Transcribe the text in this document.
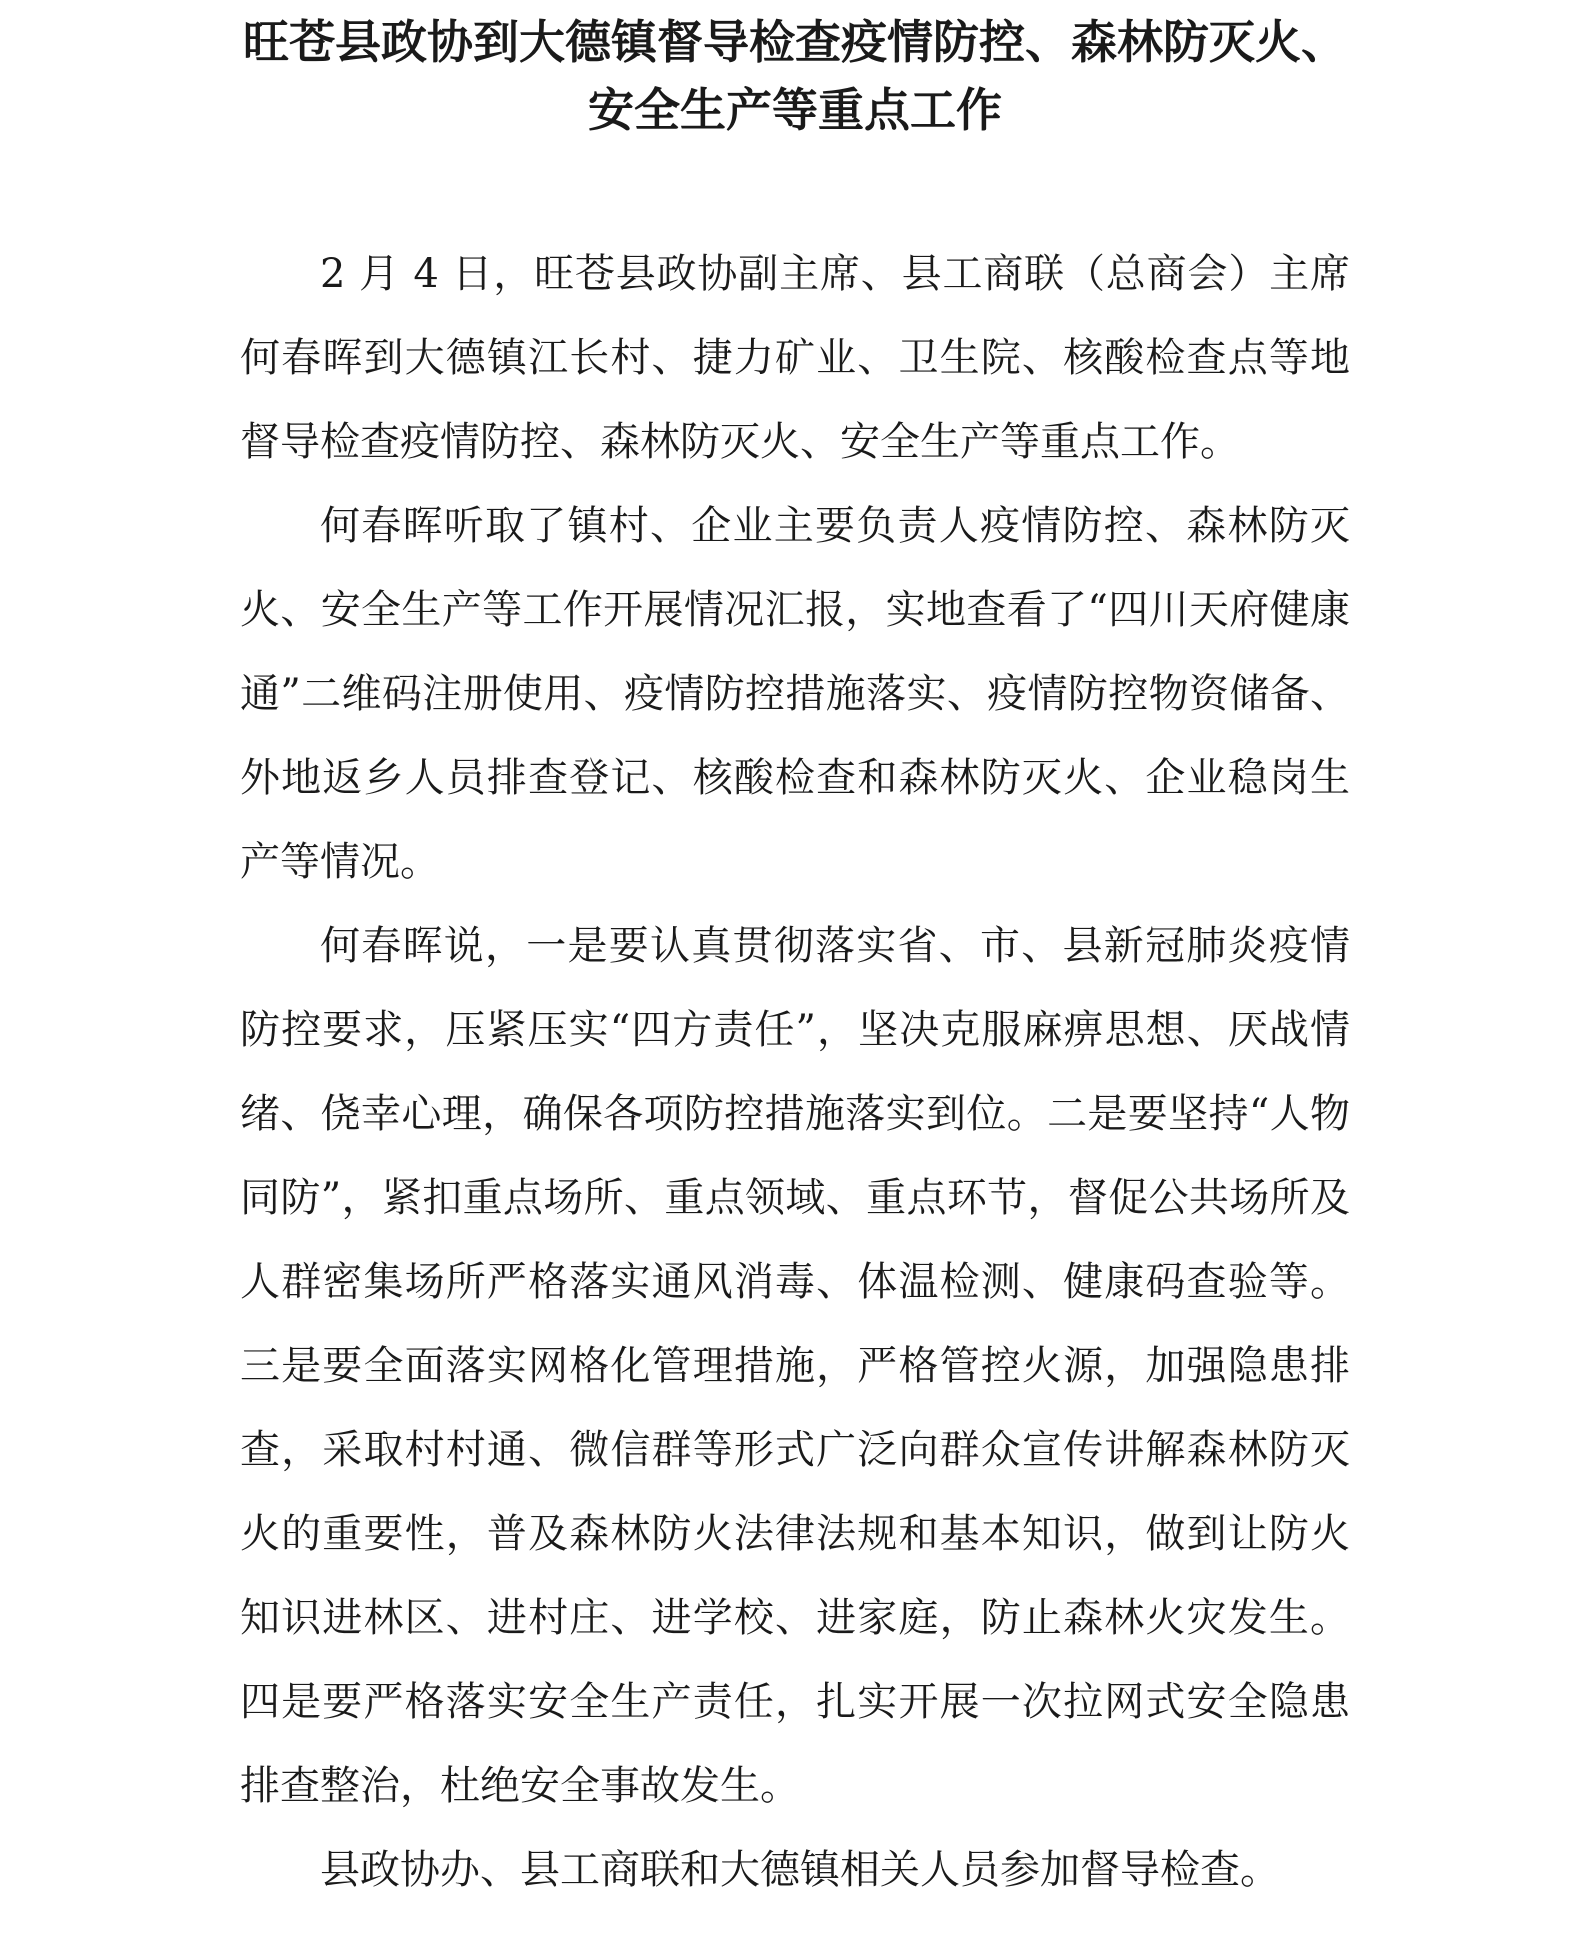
旺苍县政协到大德镇督导检查疫情防控、森林防灭火、
安全生产等重点工作

2 月 4 日，旺苍县政协副主席、县工商联（总商会）主席何春晖到大德镇江长村、捷力矿业、卫生院、核酸检查点等地督导检查疫情防控、森林防灭火、安全生产等重点工作。

何春晖听取了镇村、企业主要负责人疫情防控、森林防灭火、安全生产等工作开展情况汇报，实地查看了“四川天府健康通”二维码注册使用、疫情防控措施落实、疫情防控物资储备、外地返乡人员排查登记、核酸检查和森林防灭火、企业稳岗生产等情况。

何春晖说，一是要认真贯彻落实省、市、县新冠肺炎疫情防控要求，压紧压实“四方责任”，坚决克服麻痹思想、厌战情绪、侥幸心理，确保各项防控措施落实到位。二是要坚持“人物同防”，紧扣重点场所、重点领域、重点环节，督促公共场所及人群密集场所严格落实通风消毒、体温检测、健康码查验等。三是要全面落实网格化管理措施，严格管控火源，加强隐患排查，采取村村通、微信群等形式广泛向群众宣传讲解森林防灭火的重要性，普及森林防火法律法规和基本知识，做到让防火知识进林区、进村庄、进学校、进家庭，防止森林火灾发生。四是要严格落实安全生产责任，扎实开展一次拉网式安全隐患排查整治，杜绝安全事故发生。

县政协办、县工商联和大德镇相关人员参加督导检查。
